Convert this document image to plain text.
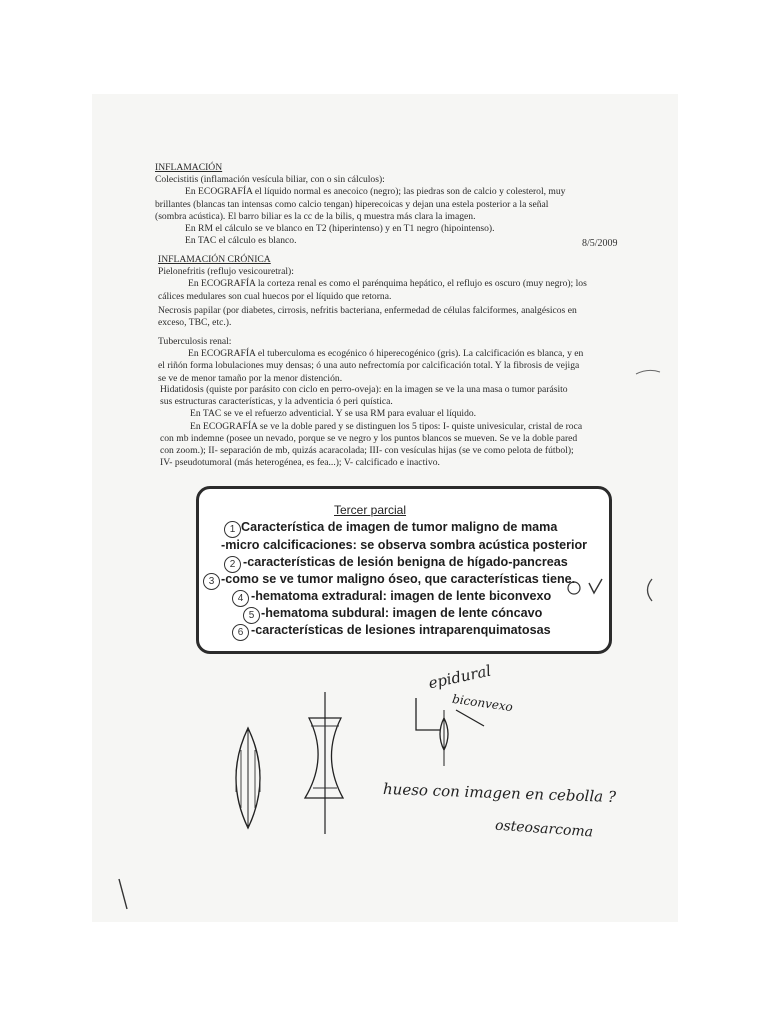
INFLAMACIÓN

Colecistitis (inflamación vesícula biliar, con o sin cálculos):

En ECOGRAFÍA el líquido normal es anecoico (negro); las piedras son de calcio y colesterol, muy

brillantes (blancas tan intensas como calcio tengan) hiperecoicas y dejan una estela posterior a la señal

(sombra acústica). El barro biliar es la cc de la bilis, q muestra más clara la imagen.

En RM el cálculo se ve blanco en T2 (hiperintenso) y en T1 negro (hipointenso).

En TAC el cálculo es blanco.	8/5/2009

INFLAMACIÓN CRÓNICA

Pielonefritis (reflujo vesicouretral):

En ECOGRAFÍA la corteza renal es como el parénquima hepático, el reflujo es oscuro (muy negro); los

cálices medulares son cual huecos por el líquido que retorna.

Necrosis papilar (por diabetes, cirrosis, nefritis bacteriana, enfermedad de células falciformes, analgésicos en

exceso, TBC, etc.).

Tuberculosis renal:

En ECOGRAFÍA el tuberculoma es ecogénico ó hiperecogénico (gris). La calcificación es blanca, y en

el riñón forma lobulaciones muy densas; ó una auto nefrectomía por calcificación total. Y la fibrosis de vejiga

se ve de menor tamaño por la menor distención.

Hidatidosis (quiste por parásito con ciclo en perro-oveja): en la imagen se ve la una masa o tumor parásito

sus estructuras características, y la adventicia ó peri quística.

En TAC se ve el refuerzo adventicial. Y se usa RM para evaluar el líquido.

En ECOGRAFÍA se ve la doble pared y se distinguen los 5 tipos: I- quiste univesicular, cristal de roca

con mb indemne (posee un nevado, porque se ve negro y los puntos blancos se mueven. Se ve la doble pared

con zoom.); II- separación de mb, quizás acaracolada; III- con vesículas hijas (se ve como pelota de fútbol);

IV- pseudotumoral (más heterogénea, es fea...); V- calcificado e inactivo.

Tercer parcial
1 Característica de imagen de tumor maligno de mama
-micro calcificaciones: se observa sombra acústica posterior
2 -características de lesión benigna de hígado-pancreas
3 -como se ve tumor maligno óseo, que características tiene.
4 -hematoma extradural: imagen de lente biconvexo
5 -hematoma subdural: imagen de lente cóncavo
6 -características de lesiones intraparenquimatosas
epidural
biconvexo
hueso con imagen en cebolla ?
osteosarcoma
